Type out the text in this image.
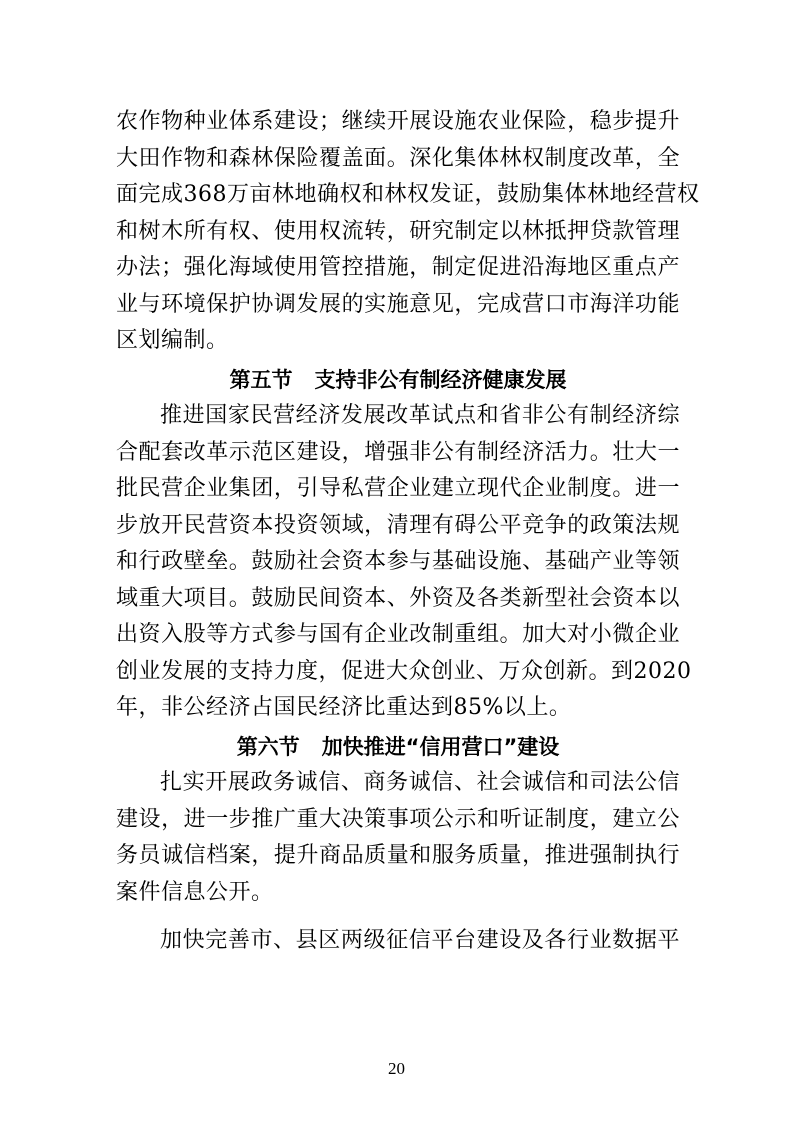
农作物种业体系建设；继续开展设施农业保险，稳步提升
大田作物和森林保险覆盖面。深化集体林权制度改革，全
面完成368万亩林地确权和林权发证，鼓励集体林地经营权
和树木所有权、使用权流转，研究制定以林抵押贷款管理
办法；强化海域使用管控措施，制定促进沿海地区重点产
业与环境保护协调发展的实施意见，完成营口市海洋功能
区划编制。
第五节 支持非公有制经济健康发展
推进国家民营经济发展改革试点和省非公有制经济综
合配套改革示范区建设，增强非公有制经济活力。壮大一
批民营企业集团，引导私营企业建立现代企业制度。进一
步放开民营资本投资领域，清理有碍公平竞争的政策法规
和行政壁垒。鼓励社会资本参与基础设施、基础产业等领
域重大项目。鼓励民间资本、外资及各类新型社会资本以
出资入股等方式参与国有企业改制重组。加大对小微企业
创业发展的支持力度，促进大众创业、万众创新。到2020
年，非公经济占国民经济比重达到85%以上。
第六节 加快推进“信用营口”建设
扎实开展政务诚信、商务诚信、社会诚信和司法公信
建设，进一步推广重大决策事项公示和听证制度，建立公
务员诚信档案，提升商品质量和服务质量，推进强制执行
案件信息公开。
加快完善市、县区两级征信平台建设及各行业数据平
20
